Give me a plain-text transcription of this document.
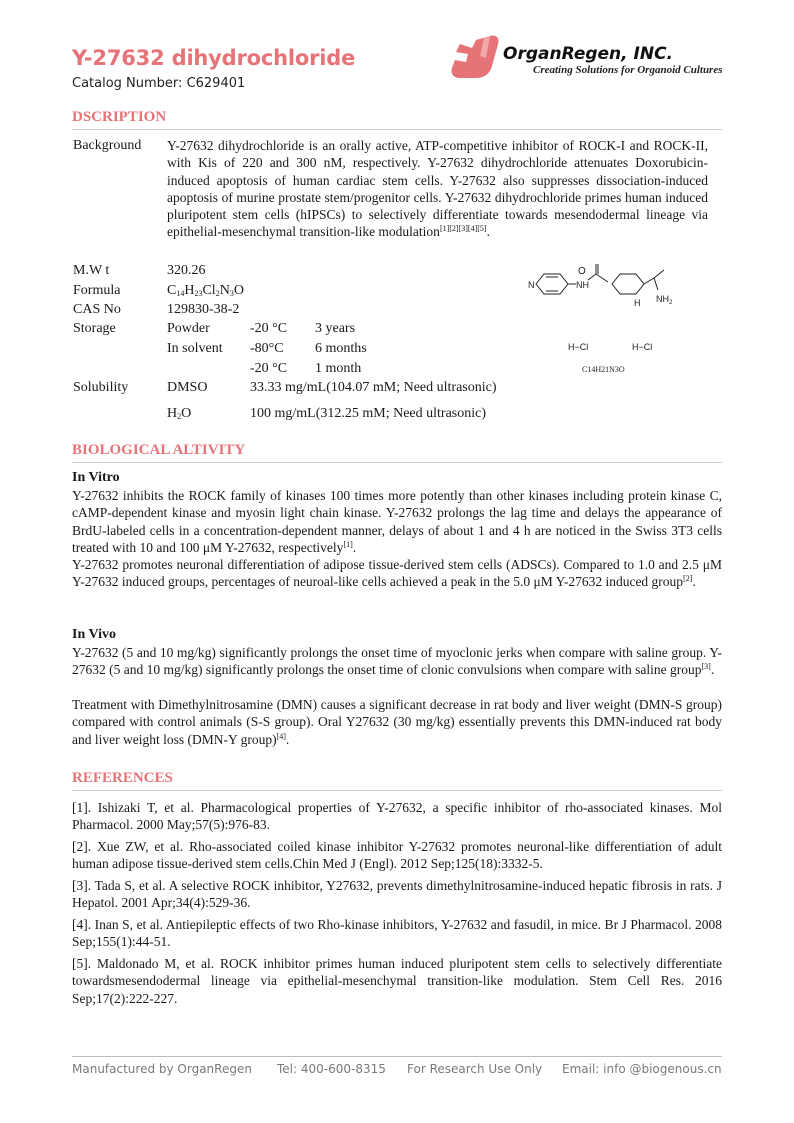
Y-27632 dihydrochloride
Catalog Number: C629401
OrganRegen, INC.
Creating Solutions for Organoid Cultures
DSCRIPTION
Background Y-27632 dihydrochloride is an orally active, ATP-competitive inhibitor of ROCK-I and ROCK-II, with Kis of 220 and 300 nM, respectively. Y-27632 dihydrochloride attenuates Doxorubicin-induced apoptosis of human cardiac stem cells. Y-27632 also suppresses dissociation-induced apoptosis of murine prostate stem/progenitor cells. Y-27632 dihydrochloride primes human induced pluripotent stem cells (hIPSCs) to selectively differentiate towards mesendodermal lineage via epithelial-mesenchymal transition-like modulation[1][2][3][4][5].
M.W t	320.26
Formula	$C_{14}H_{23}Cl_2N_3O$
CAS No	129830-38-2
Storage	Powder	-20 °C 3 years
In solvent -80°C 6 months
-20 °C 1 month
Solubility	DMSO	33.33 mg/mL(104.07 mM; Need ultrasonic)
$H_2O$	100 mg/mL(312.25 mM; Need ultrasonic)
O
N	NH
H $NH_2$
H−Cl	H−Cl
C14H21N3O
BIOLOGICAL ALTIVITY
In Vitro
Y-27632 inhibits the ROCK family of kinases 100 times more potently than other kinases including protein kinase C, cAMP-dependent kinase and myosin light chain kinase. Y-27632 prolongs the lag time and delays the appearance of BrdU-labeled cells in a concentration-dependent manner, delays of about 1 and 4 h are noticed in the Swiss 3T3 cells treated with 10 and 100 μM Y-27632, respectively[1].
Y-27632 promotes neuronal differentiation of adipose tissue-derived stem cells (ADSCs). Compared to 1.0 and 2.5 μM Y-27632 induced groups, percentages of neuroal-like cells achieved a peak in the 5.0 μM Y-27632 induced group[2].
In Vivo
Y-27632 (5 and 10 mg/kg) significantly prolongs the onset time of myoclonic jerks when compare with saline group. Y-27632 (5 and 10 mg/kg) significantly prolongs the onset time of clonic convulsions when compare with saline group[3].
Treatment with Dimethylnitrosamine (DMN) causes a significant decrease in rat body and liver weight (DMN-S group) compared with control animals (S-S group). Oral Y27632 (30 mg/kg) essentially prevents this DMN-induced rat body and liver weight loss (DMN-Y group)[4].
REFERENCES
[1]. Ishizaki T, et al. Pharmacological properties of Y-27632, a specific inhibitor of rho-associated kinases. Mol Pharmacol. 2000 May;57(5):976-83.
[2]. Xue ZW, et al. Rho-associated coiled kinase inhibitor Y-27632 promotes neuronal-like differentiation of adult human adipose tissue-derived stem cells.Chin Med J (Engl). 2012 Sep;125(18):3332-5.
[3]. Tada S, et al. A selective ROCK inhibitor, Y27632, prevents dimethylnitrosamine-induced hepatic fibrosis in rats. J Hepatol. 2001 Apr;34(4):529-36.
[4]. Inan S, et al. Antiepileptic effects of two Rho-kinase inhibitors, Y-27632 and fasudil, in mice. Br J Pharmacol. 2008 Sep;155(1):44-51.
[5]. Maldonado M, et al. ROCK inhibitor primes human induced pluripotent stem cells to selectively differentiate towardsmesendodermal lineage via epithelial-mesenchymal transition-like modulation. Stem Cell Res. 2016 Sep;17(2):222-227.
Manufactured by OrganRegen Tel: 400-600-8315 For Research Use Only Email: info @biogenous.cn
